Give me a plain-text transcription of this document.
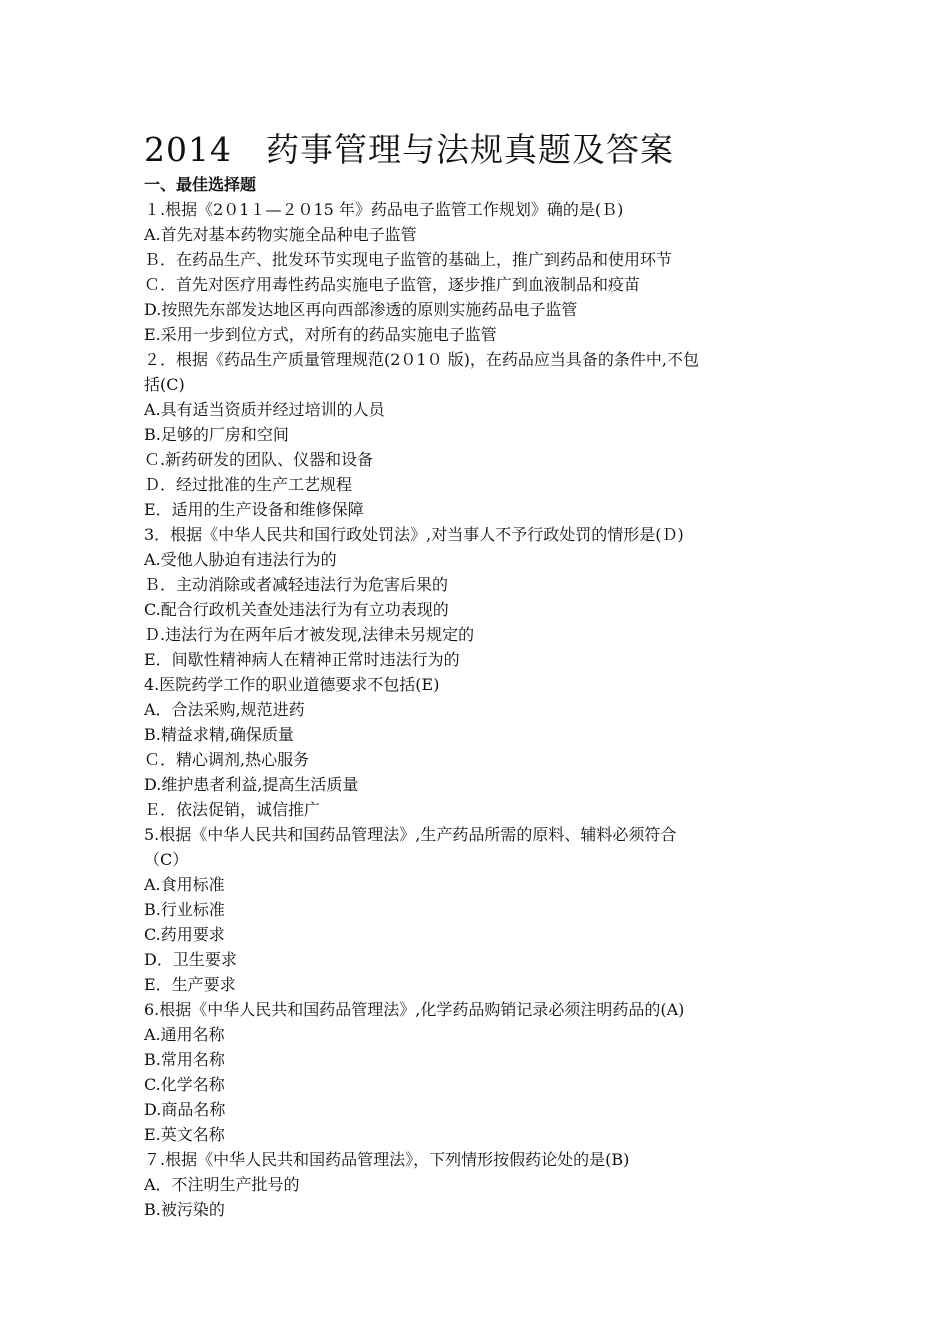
2014　药事管理与法规真题及答案
一、最佳选择题
１.根据《2０1１—２０15 年》药品电子监管工作规划》确的是(Ｂ)
A.首先对基本药物实施全品种电子监管
Ｂ．在药品生产、批发环节实现电子监管的基础上，推广到药品和使用环节
Ｃ．首先对医疗用毒性药品实施电子监管，逐步推广到血液制品和疫苗
D.按照先东部发达地区再向西部渗透的原则实施药品电子监管
E.采用一步到位方式，对所有的药品实施电子监管
２．根据《药品生产质量管理规范(2０1０ 版)，在药品应当具备的条件中,不包
括(C)
A.具有适当资质并经过培训的人员
B.足够的厂房和空间
Ｃ.新药研发的团队、仪器和设备
Ｄ．经过批准的生产工艺规程
E．适用的生产设备和维修保障
3．根据《中华人民共和国行政处罚法》,对当事人不予行政处罚的情形是(Ｄ)
A.受他人胁迫有违法行为的
Ｂ．主动消除或者减轻违法行为危害后果的
C.配合行政机关查处违法行为有立功表现的
Ｄ.违法行为在两年后才被发现,法律未另规定的
E．间歇性精神病人在精神正常时违法行为的
4.医院药学工作的职业道德要求不包括(E)
A．合法采购,规范进药
B.精益求精,确保质量
Ｃ．精心调剂,热心服务
D.维护患者利益,提高生活质量
Ｅ．依法促销，诚信推广
5.根据《中华人民共和国药品管理法》,生产药品所需的原料、辅料必须符合
（C）
A.食用标准
B.行业标准
C.药用要求
D．卫生要求
E．生产要求
6.根据《中华人民共和国药品管理法》,化学药品购销记录必须注明药品的(A)
A.通用名称
B.常用名称
C.化学名称
D.商品名称
E.英文名称
７.根据《中华人民共和国药品管理法》，下列情形按假药论处的是(B)
A．不注明生产批号的
B.被污染的
